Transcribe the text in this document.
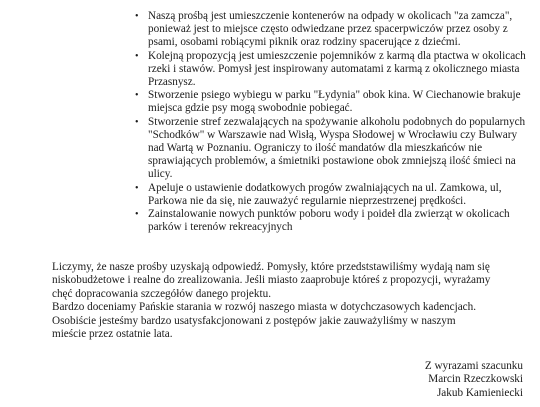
• Naszą prośbą jest umieszczenie kontenerów na odpady w okolicach "za zamcza", ponieważ jest to miejsce często odwiedzane przez spacerpwiczów przez osoby z psami, osobami robiącymi piknik oraz rodziny spacerujące z dziećmi.
• Kolejną propozycją jest umieszczenie pojemników z karmą dla ptactwa w okolicach rzeki i stawów. Pomysł jest inspirowany automatami z karmą z okolicznego miasta Przasnysz.
• Stworzenie psiego wybiegu w parku "Łydynia" obok kina. W Ciechanowie brakuje miejsca gdzie psy mogą swobodnie pobiegać.
• Stworzenie stref zezwalających na spożywanie alkoholu podobnych do popularnych "Schodków" w Warszawie nad Wisłą, Wyspa Słodowej w Wrocławiu czy Bulwary nad Wartą w Poznaniu. Ograniczy to ilość mandatów dla mieszkańców nie sprawiających problemów, a śmietniki postawione obok zmniejszą ilość śmieci na ulicy.
• Apeluje o ustawienie dodatkowych progów zwalniających na ul. Zamkowa, ul, Parkowa nie da się, nie zauważyć regularnie nieprzestrzenej prędkości.
• Zainstalowanie nowych punktów poboru wody i poideł dla zwierząt w okolicach parków i terenów rekreacyjnych

Liczymy, że nasze prośby uzyskają odpowiedź. Pomysły, które przedststawiliśmy wydają nam się niskobudżetowe i realne do zrealizowania. Jeśli miasto zaaprobuje któreś z propozycji, wyrażamy chęć dopracowania szczegółów danego projektu.

Bardzo doceniamy Pańskie starania w rozwój naszego miasta w dotychczasowych kadencjach. Osobiście jesteśmy bardzo usatysfakcjonowani z postępów jakie zauważyliśmy w naszym mieście przez ostatnie lata.

Z wyrazami szacunku
Marcin Rzeczkowski
Jakub Kamieniecki
